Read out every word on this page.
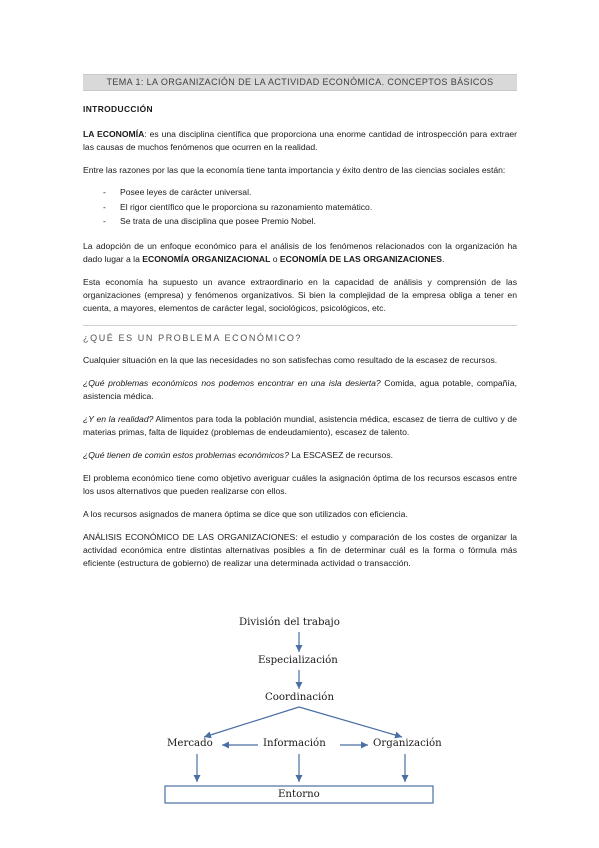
TEMA 1: LA ORGANIZACIÓN DE LA ACTIVIDAD ECONÓMICA. CONCEPTOS BÁSICOS
INTRODUCCIÓN

LA ECONOMÍA: es una disciplina científica que proporciona una enorme cantidad de introspección para extraer las causas de muchos fenómenos que ocurren en la realidad.

Entre las razones por las que la economía tiene tanta importancia y éxito dentro de las ciencias sociales están:

- Posee leyes de carácter universal.
- El rigor científico que le proporciona su razonamiento matemático.
- Se trata de una disciplina que posee Premio Nobel.

La adopción de un enfoque económico para el análisis de los fenómenos relacionados con la organización ha dado lugar a la ECONOMÍA ORGANIZACIONAL o ECONOMÍA DE LAS ORGANIZACIONES.

Esta economía ha supuesto un avance extraordinario en la capacidad de análisis y comprensión de las organizaciones (empresa) y fenómenos organizativos. Si bien la complejidad de la empresa obliga a tener en cuenta, a mayores, elementos de carácter legal, sociológicos, psicológicos, etc.

¿QUÉ ES UN PROBLEMA ECONÓMICO?

Cualquier situación en la que las necesidades no son satisfechas como resultado de la escasez de recursos.

¿Qué problemas económicos nos podemos encontrar en una isla desierta? Comida, agua potable, compañía, asistencia médica.

¿Y en la realidad? Alimentos para toda la población mundial, asistencia médica, escasez de tierra de cultivo y de materias primas, falta de liquidez (problemas de endeudamiento), escasez de talento.

¿Qué tienen de común estos problemas económicos? La ESCASEZ de recursos.

El problema económico tiene como objetivo averiguar cuáles la asignación óptima de los recursos escasos entre los usos alternativos que pueden realizarse con ellos.

A los recursos asignados de manera óptima se dice que son utilizados con eficiencia.

ANÁLISIS ECONÓMICO DE LAS ORGANIZACIONES: el estudio y comparación de los costes de organizar la actividad económica entre distintas alternativas posibles a fin de determinar cuál es la forma o fórmula más eficiente (estructura de gobierno) de realizar una determinada actividad o transacción.

División del trabajo
Especialización
Coordinación
Mercado	Información	Organización
Entorno
